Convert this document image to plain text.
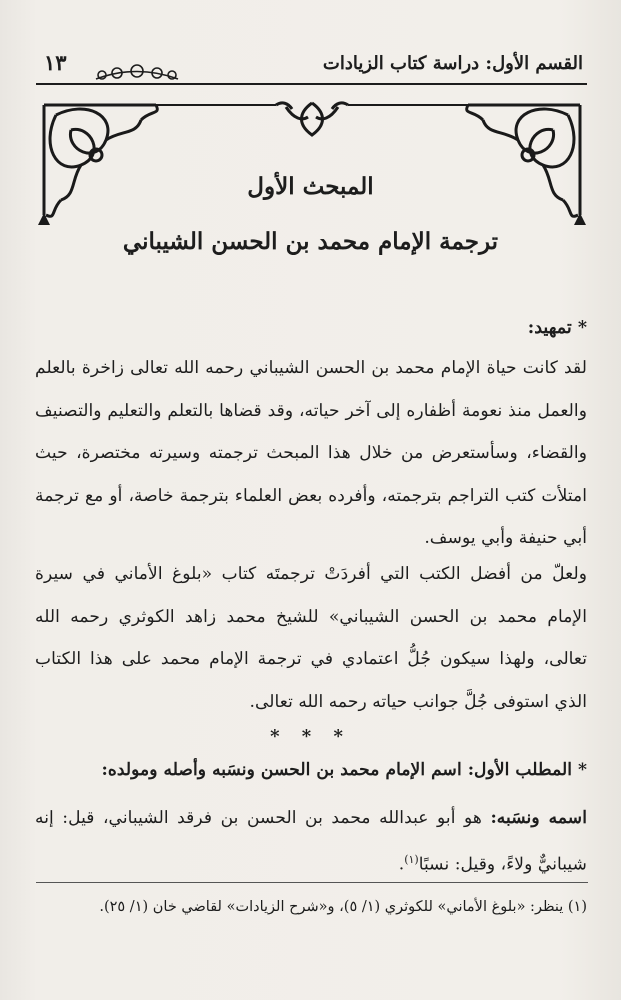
القسم الأول: دراسة كتاب الزيادات
١٣
المبحث الأول
ترجمة الإمام محمد بن الحسن الشيباني
* تمهيد:
لقد كانت حياة الإمام محمد بن الحسن الشيباني رحمه الله تعالى زاخرة بالعلم والعمل منذ نعومة أظفاره إلى آخر حياته، وقد قضاها بالتعلم والتعليم والتصنيف والقضاء، وسأستعرض من خلال هذا المبحث ترجمته وسيرته مختصرة، حيث امتلأت كتب التراجم بترجمته، وأفرده بعض العلماء بترجمة خاصة، أو مع ترجمة أبي حنيفة وأبي يوسف.
ولعلّ من أفضل الكتب التي أفردَتْ ترجمتَه كتاب «بلوغ الأماني في سيرة الإمام محمد بن الحسن الشيباني» للشيخ محمد زاهد الكوثري رحمه الله تعالى، ولهذا سيكون جُلُّ اعتمادي في ترجمة الإمام محمد على هذا الكتاب الذي استوفى جُلَّ جوانب حياته رحمه الله تعالى.
* * *
* المطلب الأول: اسم الإمام محمد بن الحسن ونسَبه وأصله ومولده:
اسمه ونسَبه: هو أبو عبدالله محمد بن الحسن بن فرقد الشيباني، قيل: إنه شيبانيٌّ ولاءً، وقيل: نسبًا$^{(١)}$.
(١) ينظر: «بلوغ الأماني» للكوثري (١/ ٥)، و«شرح الزيادات» لقاضي خان (١/ ٢٥).
